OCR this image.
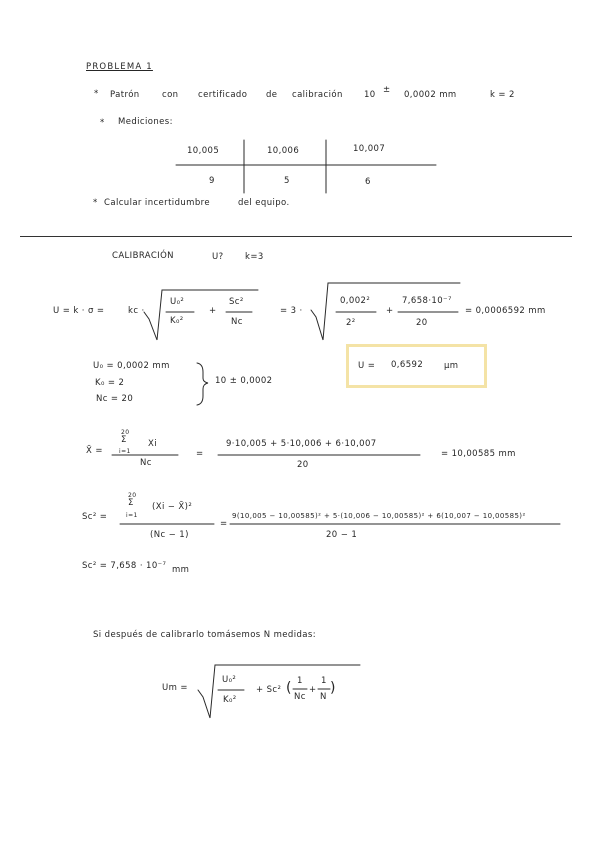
PROBLEMA 1
* Patrón	con certificado de calibración	10 ± 0,0002 mm	k = 2
* Mediciones:
10,005	10,006	10,007
9	5	6
* Calcular incertidumbre	del equipo.
CALIBRACIÓN	U?	k=3
U = k · σ =	kc ·
U₀²
K₀²
+
Sc²
Nc
= 3 ·
0,002²
2²
+
7,658·10⁻⁷
20
= 0,0006592 mm
U₀ = 0,0002 mm
K₀ = 2
Nc = 20
10 ± 0,0002
U = 0,6592 µm
X̄ =
20
Σ
i=1
Xi
Nc
=
9·10,005 + 5·10,006 + 6·10,007
20
= 10,00585 mm
Sc² =
20
Σ
i=1
(Xi − X̄)²
(Nc − 1)
=
9(10,005 − 10,00585)² + 5·(10,006 − 10,00585)² + 6(10,007 − 10,00585)²
20 − 1
Sc² = 7,658 · 10⁻⁷ mm
Si después de calibrarlo tomásemos N medidas:
Um =
U₀²
K₀²
+ Sc² ( 1
Nc
+
1
N
)
